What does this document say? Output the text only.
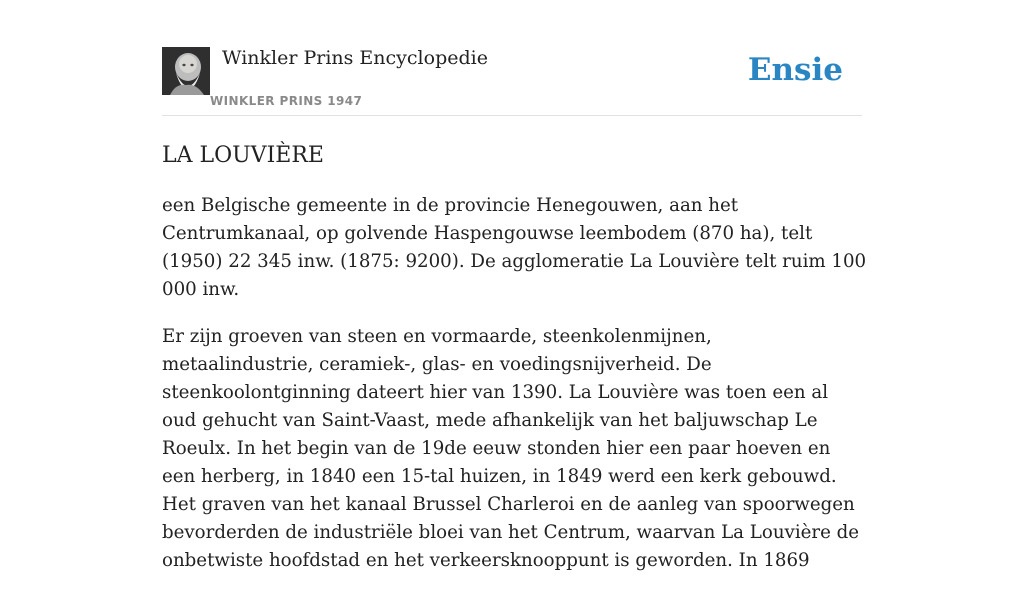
Winkler Prins Encyclopedie
WINKLER PRINS 1947
Ensie
LA LOUVIÈRE

een Belgische gemeente in de provincie Henegouwen, aan het Centrumkanaal, op golvende Haspengouwse leembodem (870 ha), telt (1950) 22 345 inw. (1875: 9200). De agglomeratie La Louvière telt ruim 100 000 inw.

Er zijn groeven van steen en vormaarde, steenkolenmijnen, metaalindustrie, ceramiek-, glas- en voedingsnijverheid. De steenkoolontginning dateert hier van 1390. La Louvière was toen een al oud gehucht van Saint-Vaast, mede afhankelijk van het baljuwschap Le Roeulx. In het begin van de 19de eeuw stonden hier een paar hoeven en een herberg, in 1840 een 15-tal huizen, in 1849 werd een kerk gebouwd. Het graven van het kanaal Brussel Charleroi en de aanleg van spoorwegen bevorderden de industriële bloei van het Centrum, waarvan La Louvière de onbetwiste hoofdstad en het verkeersknooppunt is geworden. In 1869
